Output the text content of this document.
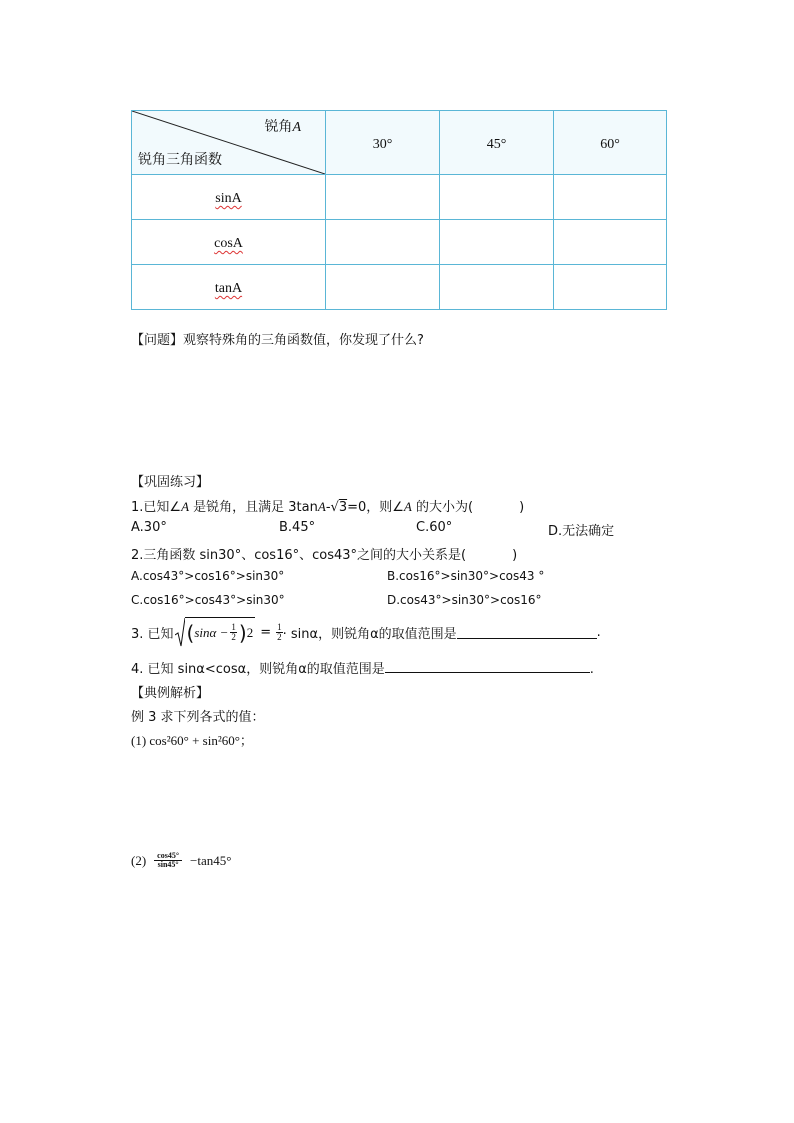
锐角A
锐角三角函数	30°	45°	60°
sinA			
cosA			
tanA			
【问题】观察特殊角的三角函数值，你发现了什么?
【巩固练习】
1.已知∠A 是锐角，且满足 3tanA-√3=0，则∠A 的大小为(	)
A.30°	B.45°	C.60°	D.无法确定
2.三角函数 sin30°、cos16°、cos43°之间的大小关系是(	)
A.cos43°>cos16°>sin30°	B.cos16°>sin30°>cos43 °
C.cos16°>cos43°>sin30°	D.cos43°>sin30°>cos16°
3. 已知 ( $\sin\alpha - \frac{1}{2}$ ) $2 = \frac{1}{2} \cdot \sin\alpha$，则锐角α的取值范围是	.
4. 已知 sinα<cosα，则锐角α的取值范围是	.
【典例解析】
例 3 求下列各式的值：
(1) cos²60° + sin²60°；
$(2) \frac{\cos 45^\circ}{\sin 45^\circ} -\tan 45^\circ$
